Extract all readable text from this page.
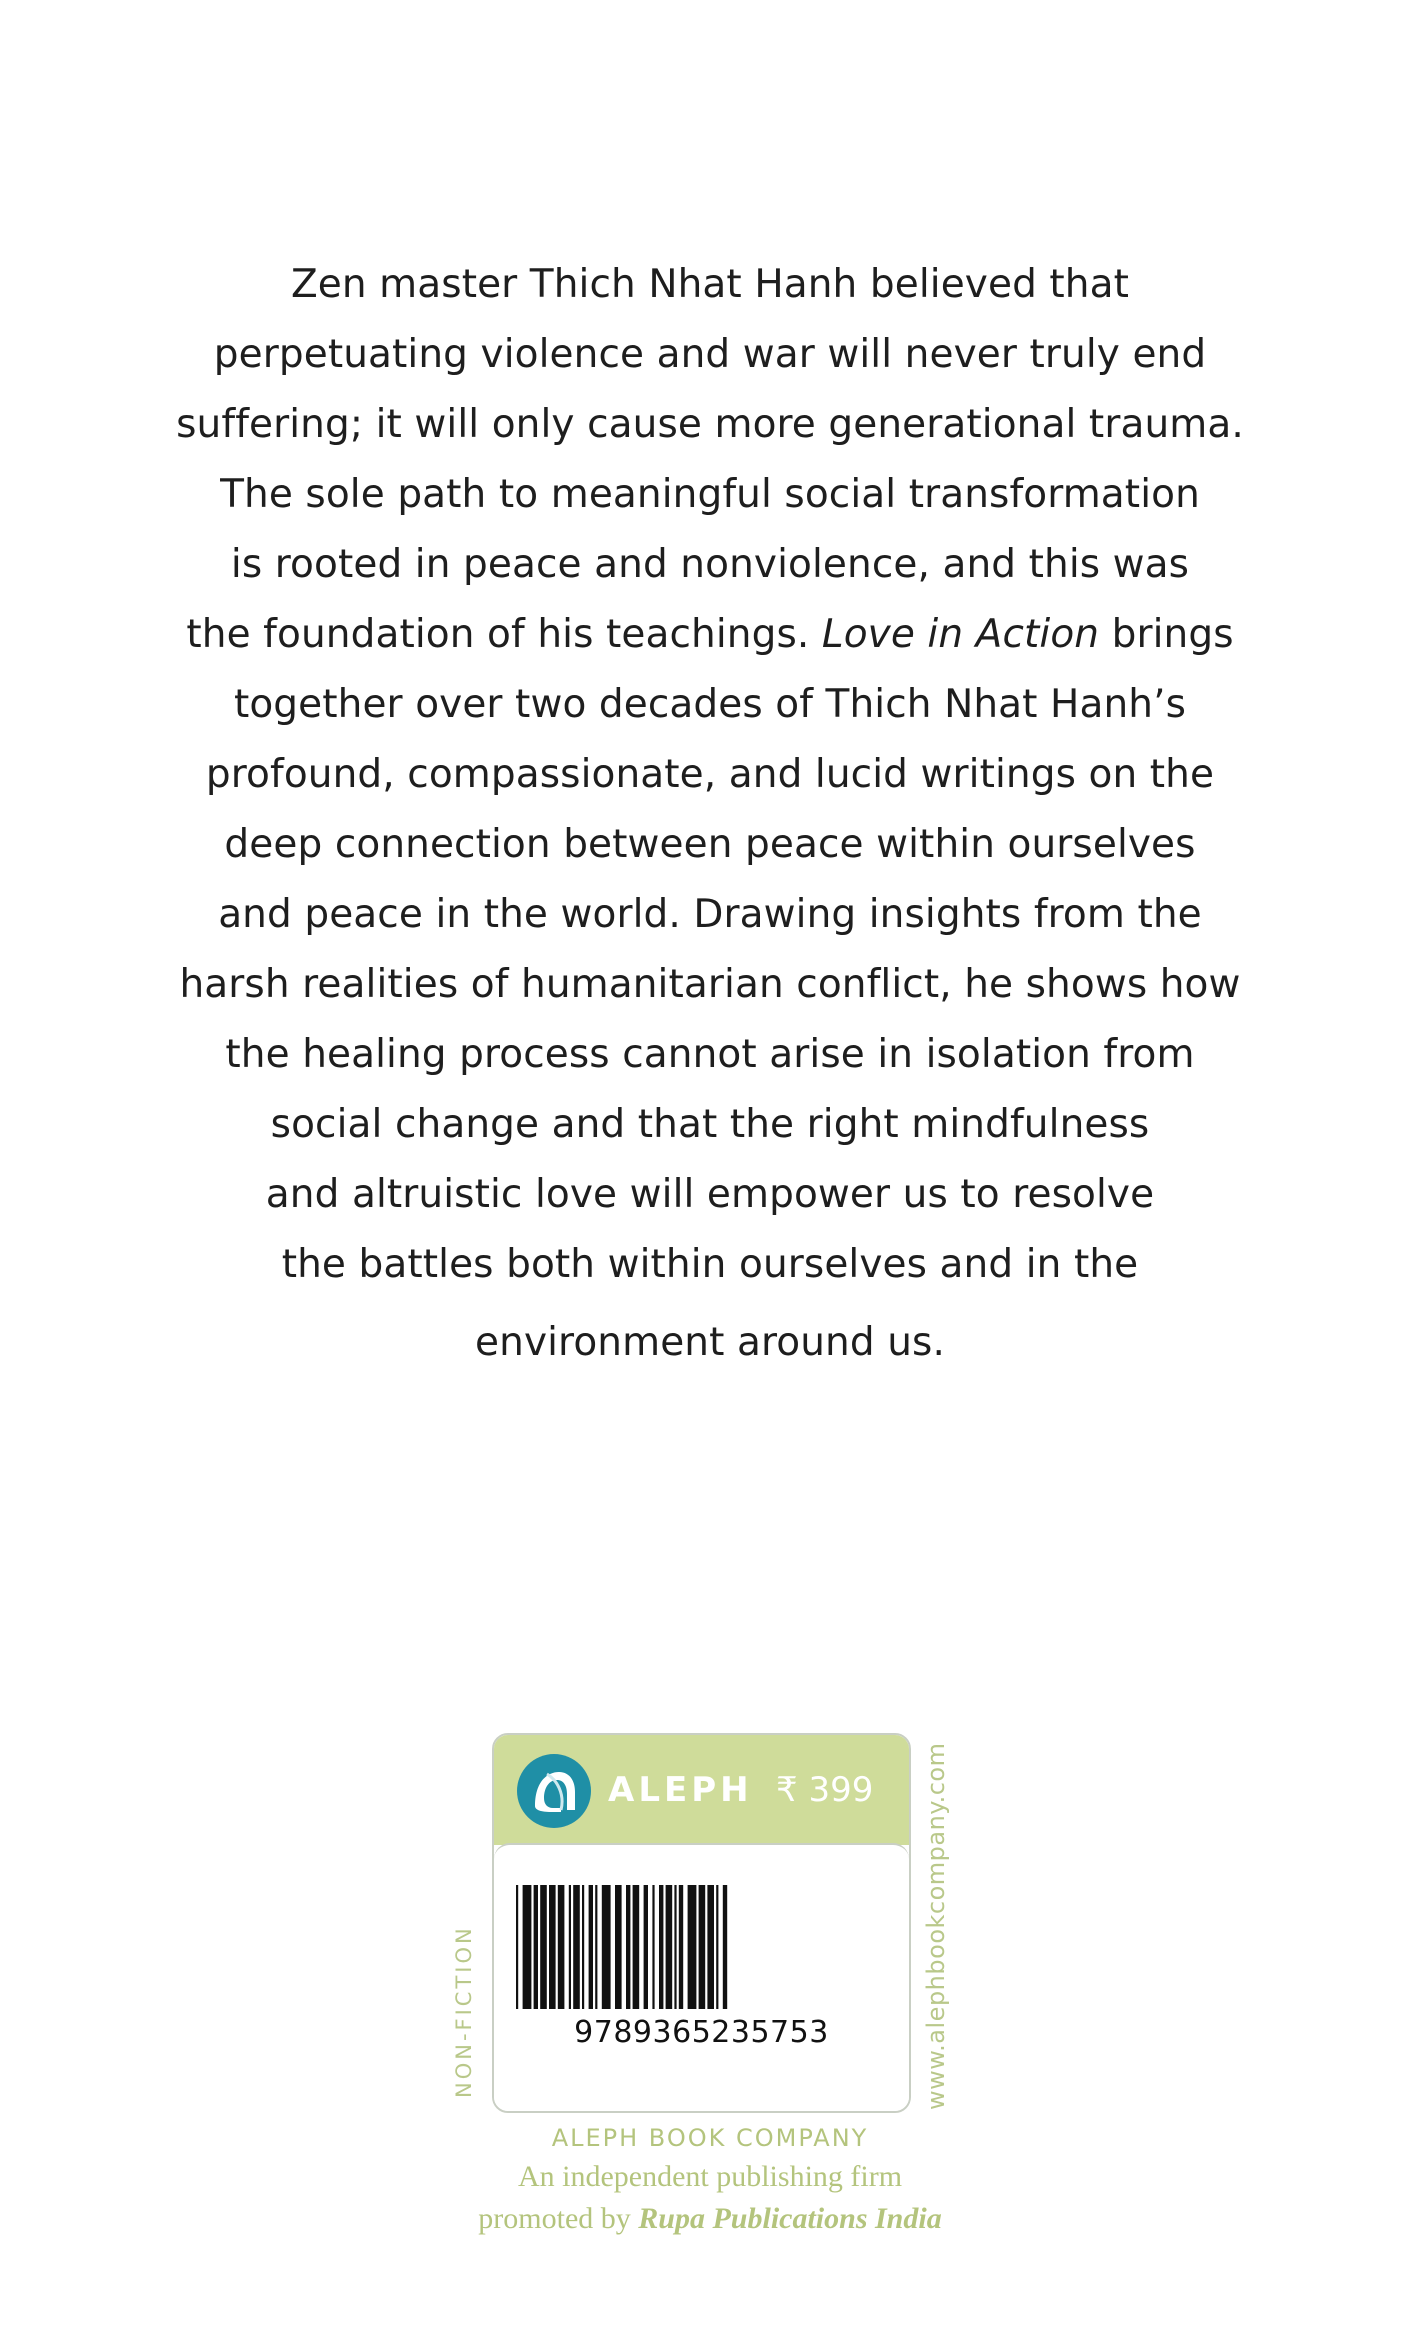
Zen master Thich Nhat Hanh believed that
perpetuating violence and war will never truly end
suffering; it will only cause more generational trauma.
The sole path to meaningful social transformation
is rooted in peace and nonviolence, and this was
the foundation of his teachings. Love in Action brings
together over two decades of Thich Nhat Hanh’s
profound, compassionate, and lucid writings on the
deep connection between peace within ourselves
and peace in the world. Drawing insights from the
harsh realities of humanitarian conflict, he shows how
the healing process cannot arise in isolation from
social change and that the right mindfulness
and altruistic love will empower us to resolve
the battles both within ourselves and in the
environment around us.
NON-FICTION
ALEPH ₹ 399
9789365235753	www.alephbookcompany.com
ALEPH BOOK COMPANY
An independent publishing firm
promoted by Rupa Publications India
